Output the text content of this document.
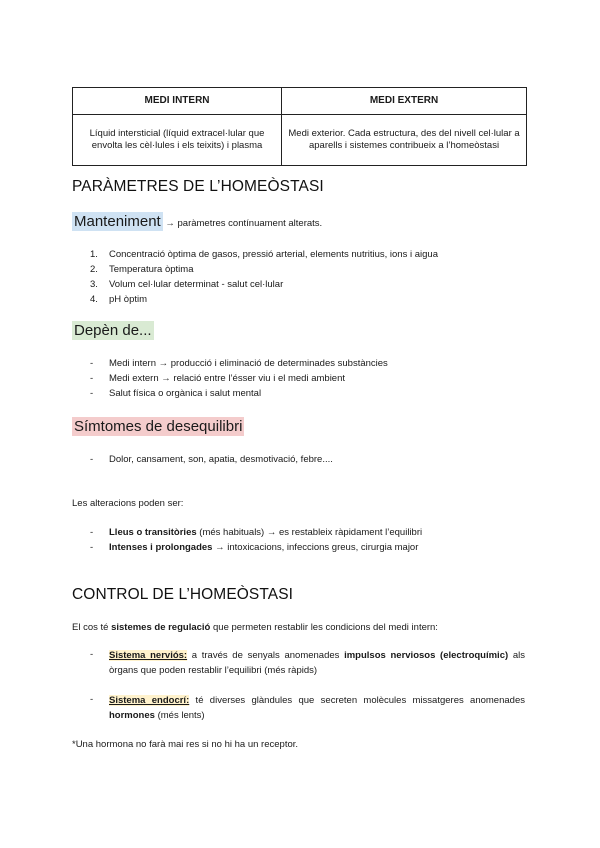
MEDI INTERN	MEDI EXTERN
Líquid intersticial (líquid extracel·lular que envolta les cèl·lules i els teixits) i plasma	Medi exterior. Cada estructura, des del nivell cel·lular a aparells i sistemes contribueix a l’homeòstasi
PARÀMETRES DE L’HOMEÒSTASI
Manteniment → paràmetres contínuament alterats.
1.	Concentració òptima de gasos, pressió arterial, elements nutritius, ions i aigua
2.	Temperatura òptima
3.	Volum cel·lular determinat - salut cel·lular
4.	pH òptim
Depèn de...
- Medi intern → producció i eliminació de determinades substàncies
- Medi extern → relació entre l’ésser viu i el medi ambient
- Salut física o orgànica i salut mental
Símtomes de desequilibri
- Dolor, cansament, son, apatia, desmotivació, febre....
Les alteracions poden ser:
- Lleus o transitòries (més habituals) → es restableix ràpidament l’equilibri
- Intenses i prolongades → intoxicacions, infeccions greus, cirurgia major
CONTROL DE L’HOMEÒSTASI
El cos té sistemes de regulació que permeten restablir les condicions del medi intern:
- Sistema nerviós: a través de senyals anomenades impulsos nerviosos (electroquímic) als òrgans que poden restablir l’equilibri (més ràpids)
- Sistema endocrí: té diverses glàndules que secreten molècules missatgeres anomenades hormones (més lents)
*Una hormona no farà mai res si no hi ha un receptor.
